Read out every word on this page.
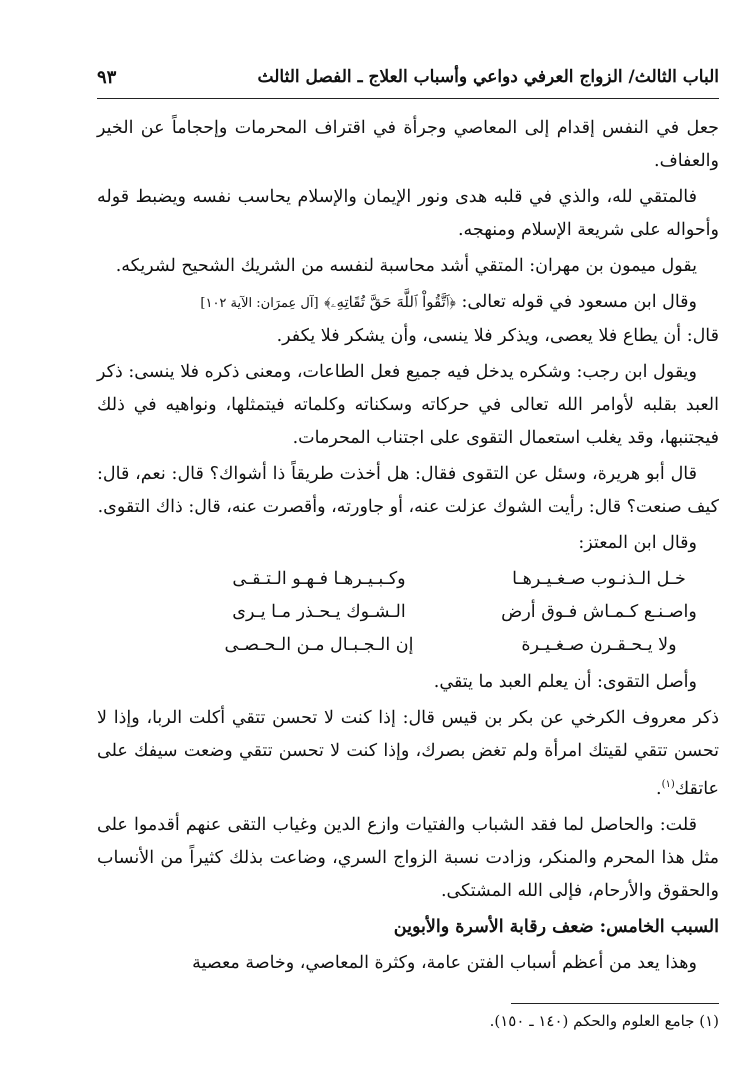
الباب الثالث/ الزواج العرفي دواعي وأسباب العلاج ـ الفصل الثالث
٩٣

جعل في النفس إقدام إلى المعاصي وجرأة في اقتراف المحرمات وإحجاماً عن الخير والعفاف.

فالمتقي لله، والذي في قلبه هدى ونور الإيمان والإسلام يحاسب نفسه ويضبط قوله وأحواله على شريعة الإسلام ومنهجه.

يقول ميمون بن مهران: المتقي أشد محاسبة لنفسه من الشريك الشحيح لشريكه.

وقال ابن مسعود في قوله تعالى: ﴿ٱتَّقُواْ ٱللَّهَ حَقَّ تُقَاتِهِۦ﴾ [آل عِمرَان: الآية ١٠٢]
قال: أن يطاع فلا يعصى، ويذكر فلا ينسى، وأن يشكر فلا يكفر.

ويقول ابن رجب: وشكره يدخل فيه جميع فعل الطاعات، ومعنى ذكره فلا ينسى: ذكر العبد بقلبه لأوامر الله تعالى في حركاته وسكناته وكلماته فيتمثلها، ونواهيه في ذلك فيجتنبها، وقد يغلب استعمال التقوى على اجتناب المحرمات.

قال أبو هريرة، وسئل عن التقوى فقال: هل أخذت طريقاً ذا أشواك؟ قال: نعم، قال: كيف صنعت؟ قال: رأيت الشوك عزلت عنه، أو جاورته، وأقصرت عنه، قال: ذاك التقوى.

وقال ابن المعتز:

خـل الـذنـوب صـغـيـرهـا
وكـبـيـرهـا فـهـو الـتـقـى
واصـنـع كـمـاش فـوق أرض
الـشـوك يـحـذر مـا يـرى
ولا يـحـقـرن صـغـيـرة
إن الـجـبـال مـن الـحـصـى

وأصل التقوى: أن يعلم العبد ما يتقي.

ذكر معروف الكرخي عن بكر بن قيس قال: إذا كنت لا تحسن تتقي أكلت الربا، وإذا لا تحسن تتقي لقيتك امرأة ولم تغض بصرك، وإذا كنت لا تحسن تتقي وضعت سيفك على عاتقك$^{(١)}$.

قلت: والحاصل لما فقد الشباب والفتيات وازع الدين وغياب التقى عنهم أقدموا على مثل هذا المحرم والمنكر، وزادت نسبة الزواج السري، وضاعت بذلك كثيراً من الأنساب والحقوق والأرحام، فإلى الله المشتكى.

السبب الخامس: ضعف رقابة الأسرة والأبوين

وهذا يعد من أعظم أسباب الفتن عامة، وكثرة المعاصي، وخاصة معصية

(١) جامع العلوم والحكم (١٤٠ ـ ١٥٠).
